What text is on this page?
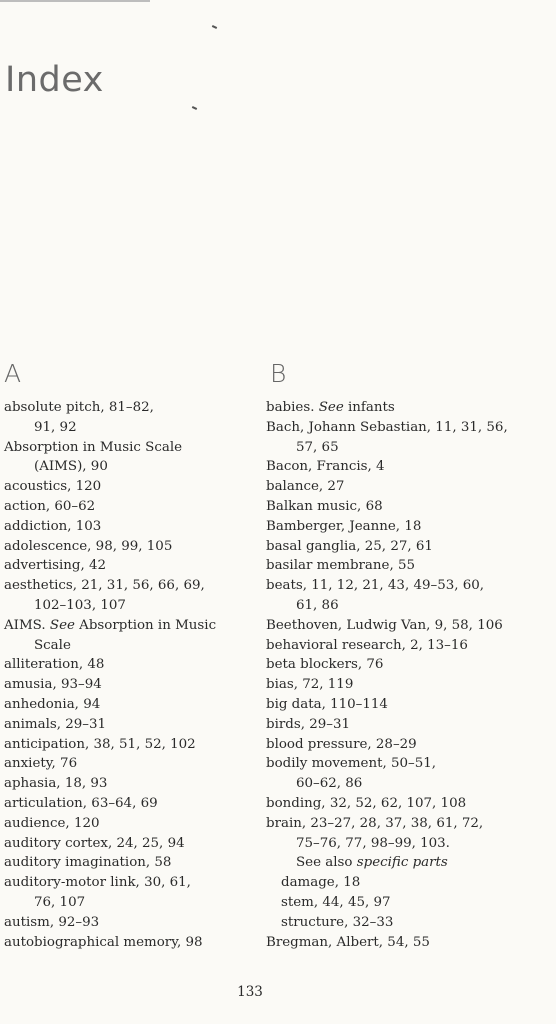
Index
A
absolute pitch, 81–82,
91, 92
Absorption in Music Scale
(AIMS), 90
acoustics, 120
action, 60–62
addiction, 103
adolescence, 98, 99, 105
advertising, 42
aesthetics, 21, 31, 56, 66, 69,
102–103, 107
AIMS. See Absorption in Music
Scale
alliteration, 48
amusia, 93–94
anhedonia, 94
animals, 29–31
anticipation, 38, 51, 52, 102
anxiety, 76
aphasia, 18, 93
articulation, 63–64, 69
audience, 120
auditory cortex, 24, 25, 94
auditory imagination, 58
auditory-motor link, 30, 61,
76, 107
autism, 92–93
autobiographical memory, 98
B
babies. See infants
Bach, Johann Sebastian, 11, 31, 56,
57, 65
Bacon, Francis, 4
balance, 27
Balkan music, 68
Bamberger, Jeanne, 18
basal ganglia, 25, 27, 61
basilar membrane, 55
beats, 11, 12, 21, 43, 49–53, 60,
61, 86
Beethoven, Ludwig Van, 9, 58, 106
behavioral research, 2, 13–16
beta blockers, 76
bias, 72, 119
big data, 110–114
birds, 29–31
blood pressure, 28–29
bodily movement, 50–51,
60–62, 86
bonding, 32, 52, 62, 107, 108
brain, 23–27, 28, 37, 38, 61, 72,
75–76, 77, 98–99, 103.
See also specific parts
damage, 18
stem, 44, 45, 97
structure, 32–33
Bregman, Albert, 54, 55
133
